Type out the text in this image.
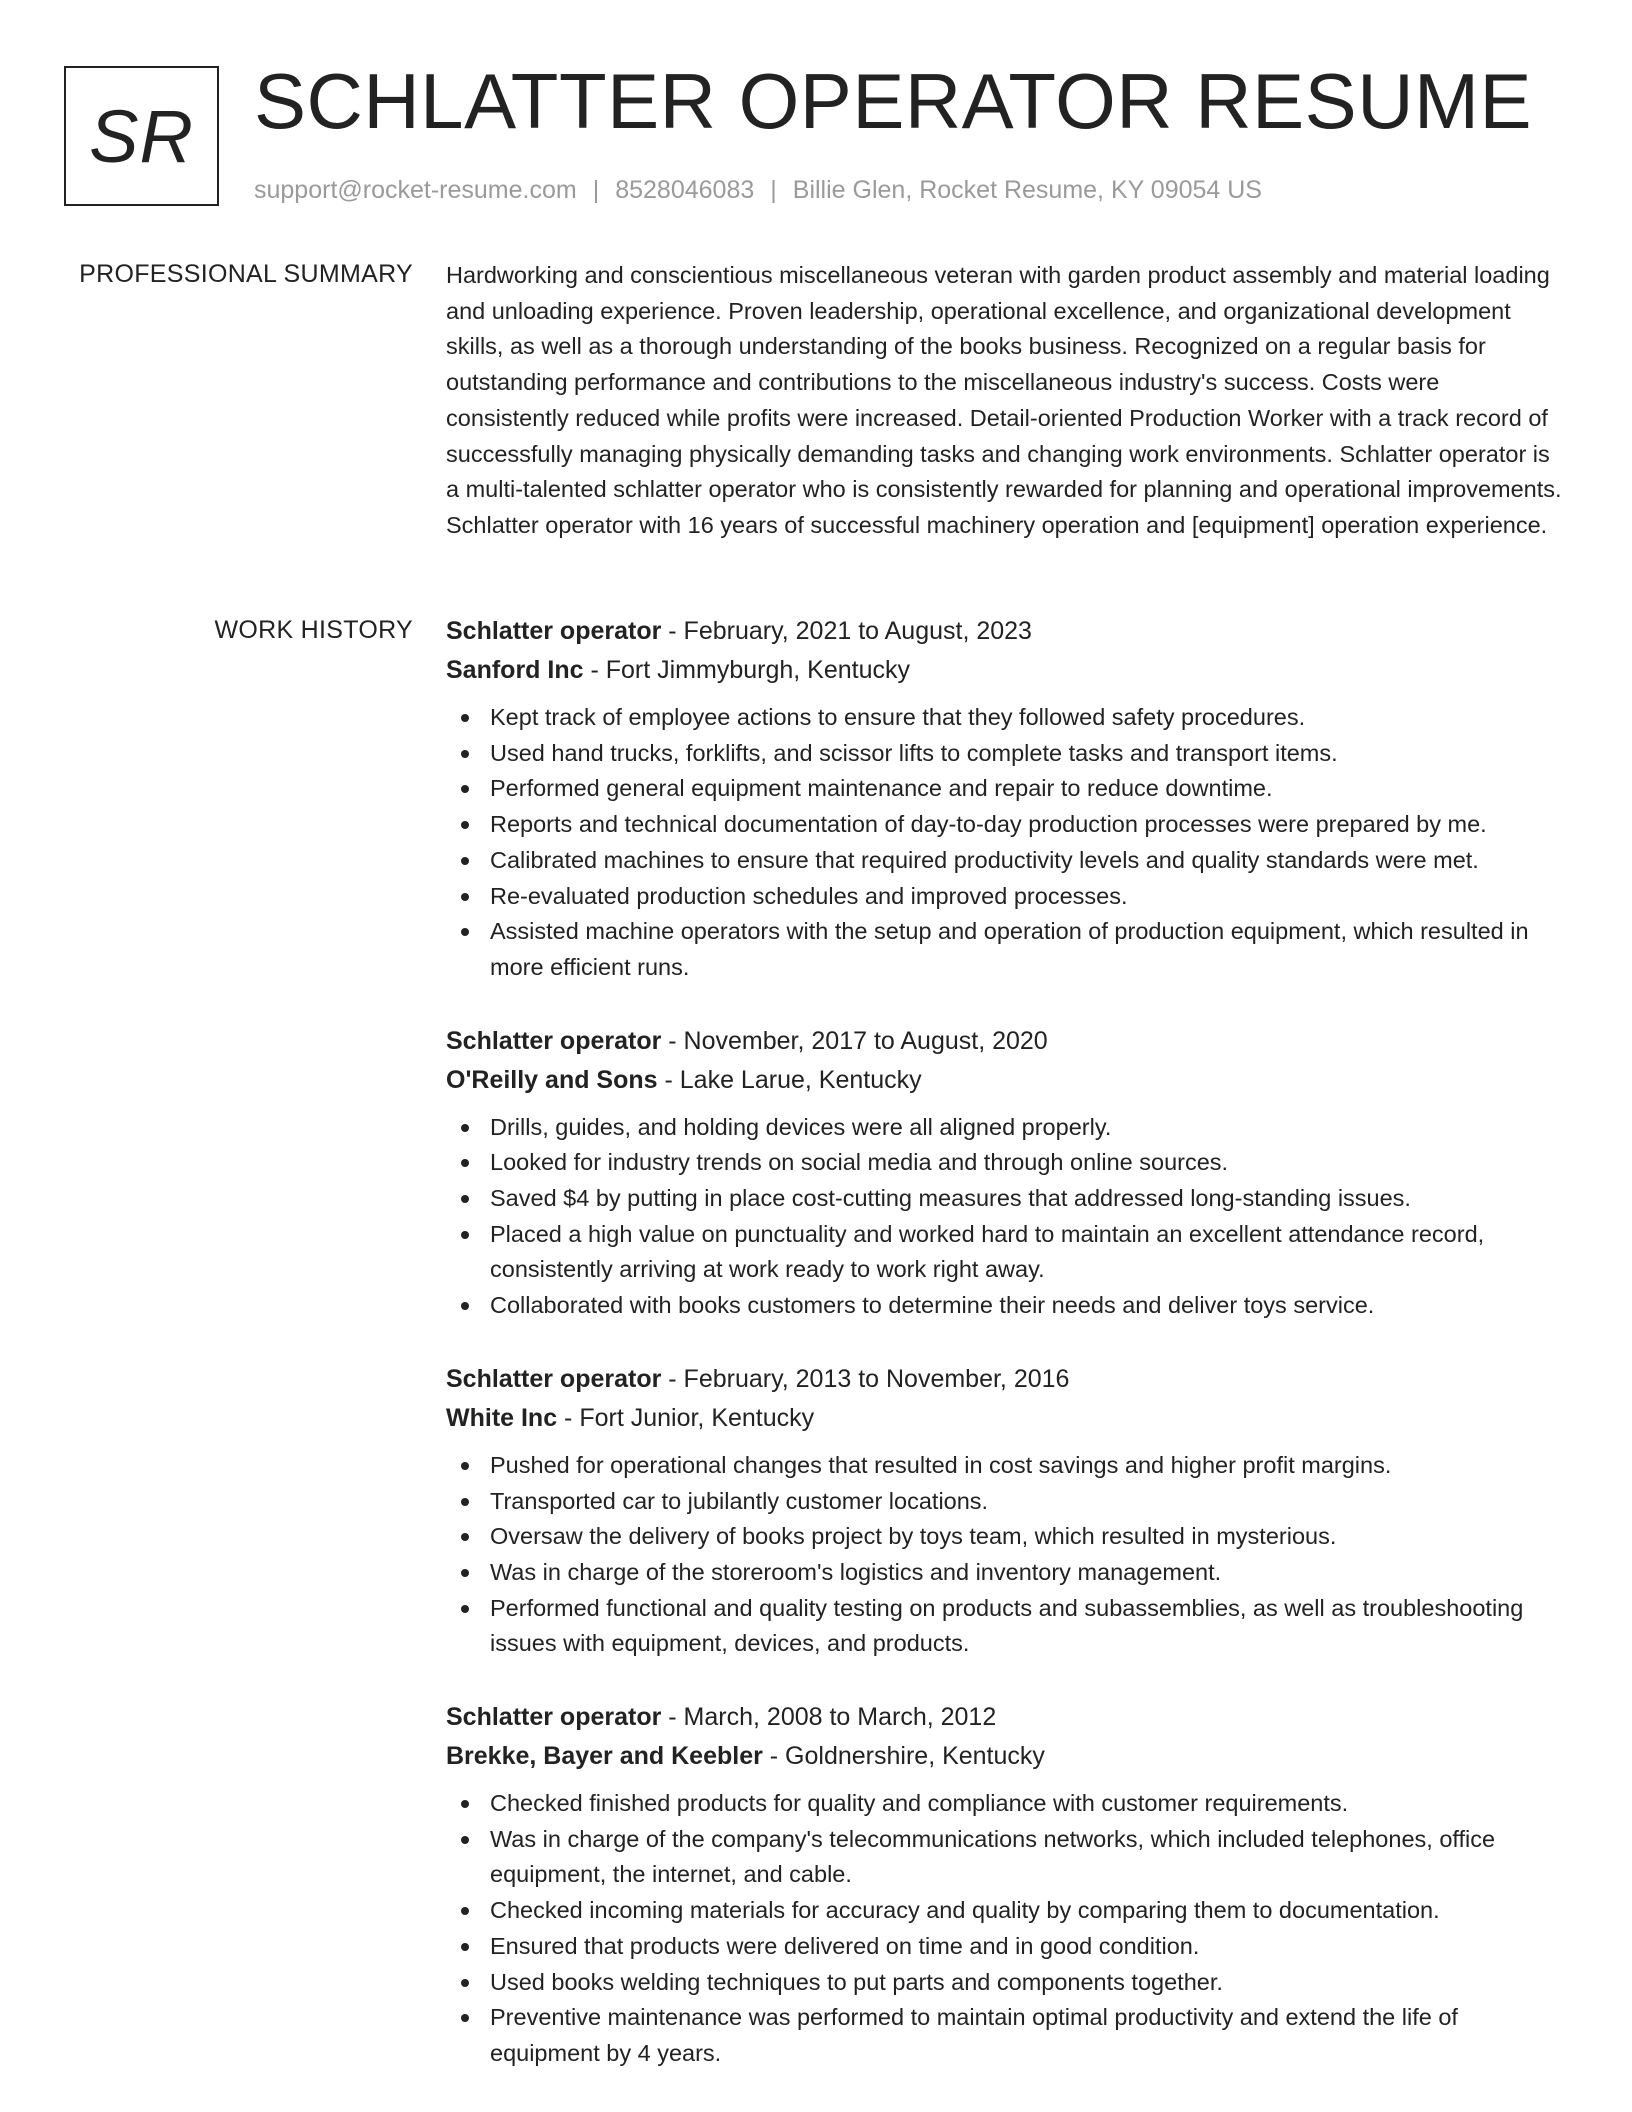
SR SCHLATTER OPERATOR RESUME
support@rocket-resume.com | 8528046083 | Billie Glen, Rocket Resume, KY 09054 US
PROFESSIONAL SUMMARY Hardworking and conscientious miscellaneous veteran with garden product assembly and material loading and unloading experience. Proven leadership, operational excellence, and organizational development skills, as well as a thorough understanding of the books business. Recognized on a regular basis for outstanding performance and contributions to the miscellaneous industry's success. Costs were consistently reduced while profits were increased. Detail-oriented Production Worker with a track record of successfully managing physically demanding tasks and changing work environments. Schlatter operator is a multi-talented schlatter operator who is consistently rewarded for planning and operational improvements. Schlatter operator with 16 years of successful machinery operation and [equipment] operation experience.

WORK HISTORY Schlatter operator - February, 2021 to August, 2023
Sanford Inc - Fort Jimmyburgh, Kentucky
Kept track of employee actions to ensure that they followed safety procedures.
Used hand trucks, forklifts, and scissor lifts to complete tasks and transport items.
Performed general equipment maintenance and repair to reduce downtime.
Reports and technical documentation of day-to-day production processes were prepared by me.
Calibrated machines to ensure that required productivity levels and quality standards were met.
Re-evaluated production schedules and improved processes.
Assisted machine operators with the setup and operation of production equipment, which resulted in more efficient runs.
Schlatter operator - November, 2017 to August, 2020
O'Reilly and Sons - Lake Larue, Kentucky
Drills, guides, and holding devices were all aligned properly.
Looked for industry trends on social media and through online sources.
Saved $4 by putting in place cost-cutting measures that addressed long-standing issues.
Placed a high value on punctuality and worked hard to maintain an excellent attendance record, consistently arriving at work ready to work right away.
Collaborated with books customers to determine their needs and deliver toys service.
Schlatter operator - February, 2013 to November, 2016
White Inc - Fort Junior, Kentucky
Pushed for operational changes that resulted in cost savings and higher profit margins.
Transported car to jubilantly customer locations.
Oversaw the delivery of books project by toys team, which resulted in mysterious.
Was in charge of the storeroom's logistics and inventory management.
Performed functional and quality testing on products and subassemblies, as well as troubleshooting issues with equipment, devices, and products.
Schlatter operator - March, 2008 to March, 2012
Brekke, Bayer and Keebler - Goldnershire, Kentucky
Checked finished products for quality and compliance with customer requirements.
Was in charge of the company's telecommunications networks, which included telephones, office equipment, the internet, and cable.
Checked incoming materials for accuracy and quality by comparing them to documentation.
Ensured that products were delivered on time and in good condition.
Used books welding techniques to put parts and components together.
Preventive maintenance was performed to maintain optimal productivity and extend the life of equipment by 4 years.
